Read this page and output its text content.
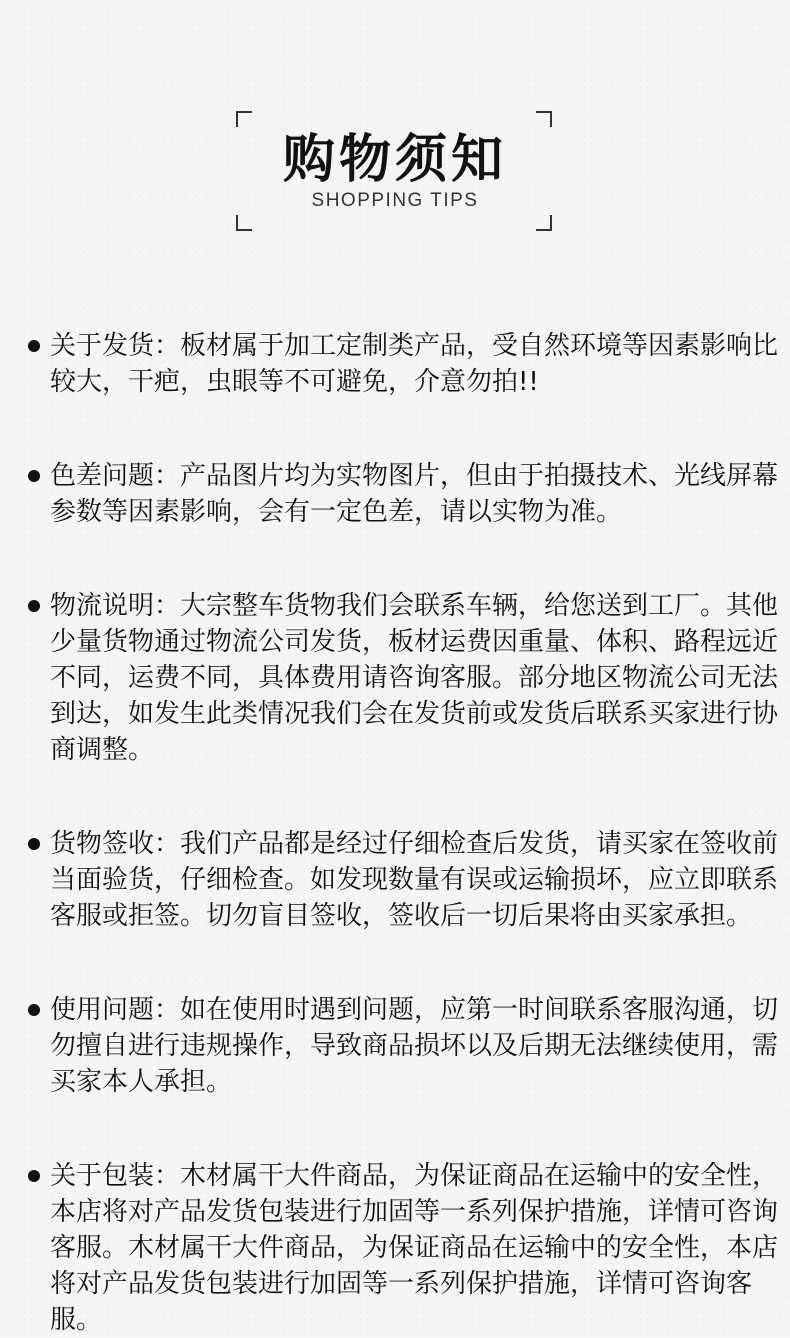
购物须知
SHOPPING TIPS
关于发货：板材属于加工定制类产品，受自然环境等因素影响比较大，干疤，虫眼等不可避免，介意勿拍!!
色差问题：产品图片均为实物图片，但由于拍摄技术、光线屏幕参数等因素影响，会有一定色差，请以实物为准。
物流说明：大宗整车货物我们会联系车辆，给您送到工厂。其他少量货物通过物流公司发货，板材运费因重量、体积、路程远近不同，运费不同，具体费用请咨询客服。部分地区物流公司无法到达，如发生此类情况我们会在发货前或发货后联系买家进行协商调整。
货物签收：我们产品都是经过仔细检查后发货，请买家在签收前当面验货，仔细检查。如发现数量有误或运输损坏，应立即联系客服或拒签。切勿盲目签收，签收后一切后果将由买家承担。
使用问题：如在使用时遇到问题，应第一时间联系客服沟通，切勿擅自进行违规操作，导致商品损坏以及后期无法继续使用，需买家本人承担。
关于包装：木材属干大件商品，为保证商品在运输中的安全性，本店将对产品发货包装进行加固等一系列保护措施，详情可咨询客服。木材属干大件商品，为保证商品在运输中的安全性，本店将对产品发货包装进行加固等一系列保护措施，详情可咨询客服。
